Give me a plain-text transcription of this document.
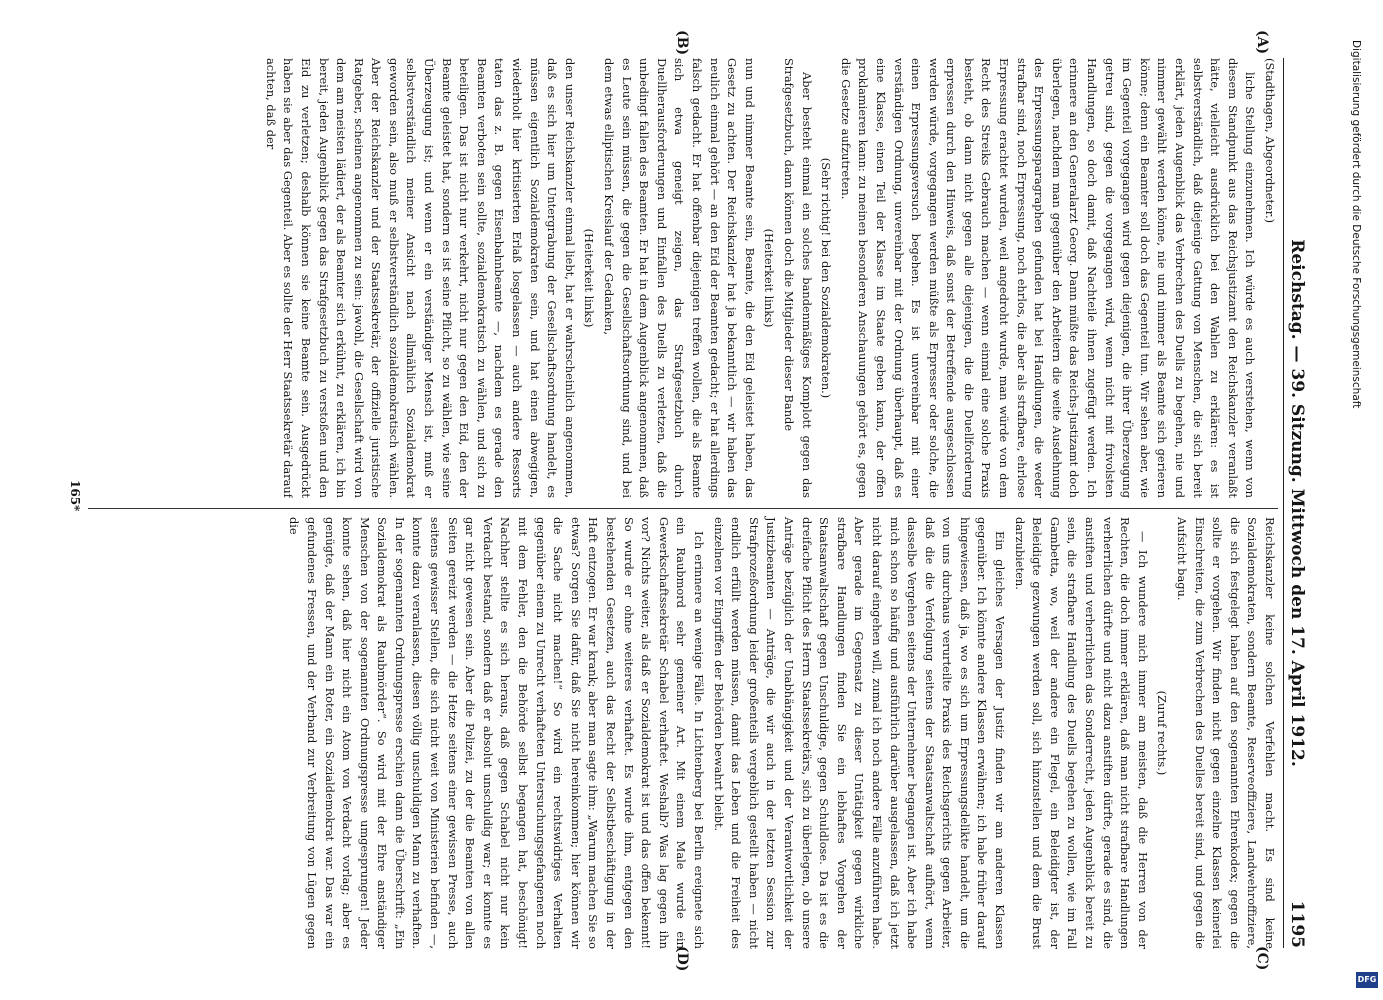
Reichstag. — 39. Sitzung. Mittwoch den 17. April 1912.
1195
(A)
(B)
(C)
(D)

(Stadthagen, Abgeordneter.)

liche Stellung einzunehmen. Ich würde es auch verstehen, wenn von diesem Standpunkt aus das Reichsjustizamt den Reichskanzler veranlaßt hätte, vielleicht ausdrücklich bei den Wahlen zu erklären: es ist selbstverständlich, daß diejenige Gattung von Menschen, die sich bereit erklärt, jeden Augenblick das Verbrechen des Duells zu begehen, nie und nimmer gewählt werden könne, nie und nimmer als Beamte sich gerieren könne; denn ein Beamter soll doch das Gegenteil tun. Wir sehen aber, wie im Gegenteil vorgegangen wird gegen diejenigen, die ihrer Überzeugung getreu sind, gegen die vorgegangen wird, wenn nicht mit frivolsten Handlungen, so doch damit, daß Nachteile ihnen zugefügt werden. Ich erinnere an den Generalarzt Georg. Dann müßte das Reichs-Justizamt doch überlegen, nachdem man gegenüber den Arbeitern die weite Ausdehnung des Erpressungsparagraphen gefunden hat bei Handlungen, die weder strafbar sind, noch Erpressung, noch ehrlos, die aber als strafbare, ehrlose Erpressung erachtet wurden, weil angedroht wurde, man würde von dem Recht des Streiks Gebrauch machen — wenn einmal eine solche Praxis besteht, ob dann nicht gegen alle diejenigen, die die Duellforderung erpressen durch den Hinweis, daß sonst der Betreffende ausgeschlossen werden würde, vorgegangen werden müßte als Erpresser oder solche, die einen Erpressungsversuch begehen. Es ist unvereinbar mit einer verständigen Ordnung, unvereinbar mit der Ordnung überhaupt, daß es eine Klasse, einen Teil der Klasse im Staate geben kann, der offen proklamieren kann: zu meinen besonderen Anschauungen gehört es, gegen die Gesetze aufzutreten.

(Sehr richtig! bei den Sozialdemokraten.)

Aber besteht einmal ein solches bandenmäßiges Komplott gegen das Strafgesetzbuch, dann können doch die Mitglieder dieser Bande

(Heiterkeit links)

nun und nimmer Beamte sein, Beamte, die den Eid geleistet haben, das Gesetz zu achten. Der Reichskanzler hat ja bekanntlich — wir haben das neulich einmal gehört — an den Eid der Beamten gedacht; er hat allerdings falsch gedacht. Er hat offenbar diejenigen treffen wollen, die als Beamte sich etwa geneigt zeigen, das Strafgesetzbuch durch Duellherausforderungen und Einfallen des Duells zu verletzen, daß die unbedingt fallen des Beamten. Er hat in dem Augenblick angenommen, daß es Leute sein müssen, die gegen die Gesellschaftsordnung sind, und bei dem etwas elliptischen Kreislauf der Gedanken,

(Heiterkeit links)

den unser Reichskanzler einmal liebt, hat er wahrscheinlich angenommen, daß es sich hier um Untergrabung der Gesellschaftsordnung handelt, es müssen eigentlich Sozialdemokraten sein, und hat einen abwegigen, wiederholt hier kritisierten Erlaß losgelassen — auch andere Ressorts taten das z. B. gegen Eisenbahnbeamte —, nachdem es gerade den Beamten verboten sein sollte, sozialdemokratisch zu wählen, und sich zu beteiligen. Das ist nicht nur verkehrt, nicht nur gegen den Eid, den der Beamte geleistet hat, sondern es ist seine Pflicht, so zu wählen, wie seine Überzeugung ist; und wenn er ein verständiger Mensch ist, muß er selbstverständlich meiner Ansicht nach allmählich Sozialdemokrat geworden sein, also muß er selbstverständlich sozialdemokratisch wählen. Aber der Reichskanzler und der Staatssekretär, der offizielle juristische Ratgeber, scheinen angenommen zu sein: jawohl, die Gesellschaft wird von dem am meisten lädiert, der als Beamter sich erkühnt, zu erklären, ich bin bereit, jeden Augenblick gegen das Strafgesetzbuch zu verstoßen und den Eid zu verletzen; deshalb können sie keine Beamte sein. Ausgedrückt haben sie aber das Gegenteil. Aber es sollte der Herr Staatssekretär darauf achten, daß der

Reichskanzler keine solchen Verfehlen macht. Es sind keine Sozialdemokraten, sondern Beamte, Reserveoffiziere, Landwehroffiziere, die sich festgelegt haben auf den sogenannten Ehrenkodex; gegen die sollte er vorgehen. Wir finden nicht gegen einzelne Klassen keinerlei Einschreiten, die zum Verbrechen des Duelles bereit sind, und gegen die Aufsicht bagu.

(Zuruf rechts.)

— Ich wundere mich immer am meisten, daß die Herren von der Rechten, die doch immer erklären, daß man nicht strafbare Handlungen verherrlichen dürfte und nicht dazu anstiften dürfte, gerade es sind, die anstiften und verherrlichen das Sonderrecht, jeden Augenblick bereit zu sein, die strafbare Handlung des Duells begehen zu wollen, wie im Fall Gambetta, wo, weil der andere ein Flegel, ein Beleidigter ist, der Beleidigte gezwungen werden soll, sich hinzustellen und dem die Brust darzubieten.

Ein gleiches Versagen der Justiz finden wir am anderen Klassen gegenüber. Ich könnte andere Klassen erwähnen; ich habe früher darauf hingewiesen, daß ja, wo es sich um Erpressungsdelikte handelt, um die von uns durchaus verurteilte Praxis des Reichsgerichts gegen Arbeiter, daß die die Verfolgung seitens der Staatsanwaltschaft aufhört, wenn dasselbe Vergehen seitens der Unternehmer begangen ist. Aber ich habe mich schon so häufig und ausführlich darüber ausgelassen, daß ich jetzt nicht darauf eingehen will, zumal ich noch andere Fälle anzuführen habe. Aber gerade im Gegensatz zu dieser Untätigkeit gegen wirkliche strafbare Handlungen finden Sie ein lebhaftes Vorgehen der Staatsanwaltschaft gegen Unschuldige, gegen Schuldlose. Da ist es die dreifache Pflicht des Herrn Staatssekretärs, sich zu überlegen, ob unsere Anträge bezüglich der Unabhängigkeit und der Verantwortlichkeit der Justizbeamten — Anträge, die wir auch in der letzten Session zur Strafprozeßordnung leider großenteils vergeblich gestellt haben — nicht endlich erfüllt werden müssen, damit das Leben und die Freiheit des einzelnen vor Eingriffen der Behörden bewahrt bleibt.

Ich erinnere an wenige Fälle. In Lichtenberg bei Berlin ereignete sich ein Raubmord sehr gemeiner Art. Mit einem Male wurde ein Gewerkschaftssekretär Schabel verhaftet. Weshalb? Was lag gegen ihn vor? Nichts weiter, als daß er Sozialdemokrat ist und das offen bekennt! So wurde er ohne weiteres verhaftet. Es wurde ihm, entgegen den bestehenden Gesetzen, auch das Recht der Selbstbeschäftigung in der Haft entzogen. Er war krank; aber man sagte ihm: „Warum machen Sie so etwas? Sorgen Sie dafür, daß Sie nicht hereinkommen; hier können wir die Sache nicht machen!“ So wird ein rechtswidriges Verhalten gegenüber einem zu Unrecht verhafteten Untersuchungsgefangenen noch mit dem Fehler, den die Behörde selbst begangen hat, beschönigt! Nachher stellte es sich heraus, daß gegen Schabel nicht nur kein Verdacht bestand, sondern daß er absolut unschuldig war; er konnte es gar nicht gewesen sein. Aber die Polizei, zu der die Beamten von allen Seiten gereizt werden — die Hetze seitens einer gewissen Presse, auch seitens gewisser Stellen, die sich nicht weit von Ministerien befinden —, konnte dazu veranlassen, diesen völlig unschuldigen Mann zu verhaften. In der sogenannten Ordnungspresse erschien dann die Überschrift: „Ein Sozialdemokrat als Raubmörder“. So wird mit der Ehre anständiger Menschen von der sogenannten Ordnungspresse umgesprungen! Jeder konnte sehen, daß hier nicht ein Atom von Verdacht vorlag; aber es genügte, daß der Mann ein Roter, ein Sozialdemokrat war. Das war ein gefundenes Fressen, und der Verband zur Verbreitung von Lügen gegen die

165*
Digitalisierung gefördert durch die Deutsche Forschungsgemeinschaft
DFG
